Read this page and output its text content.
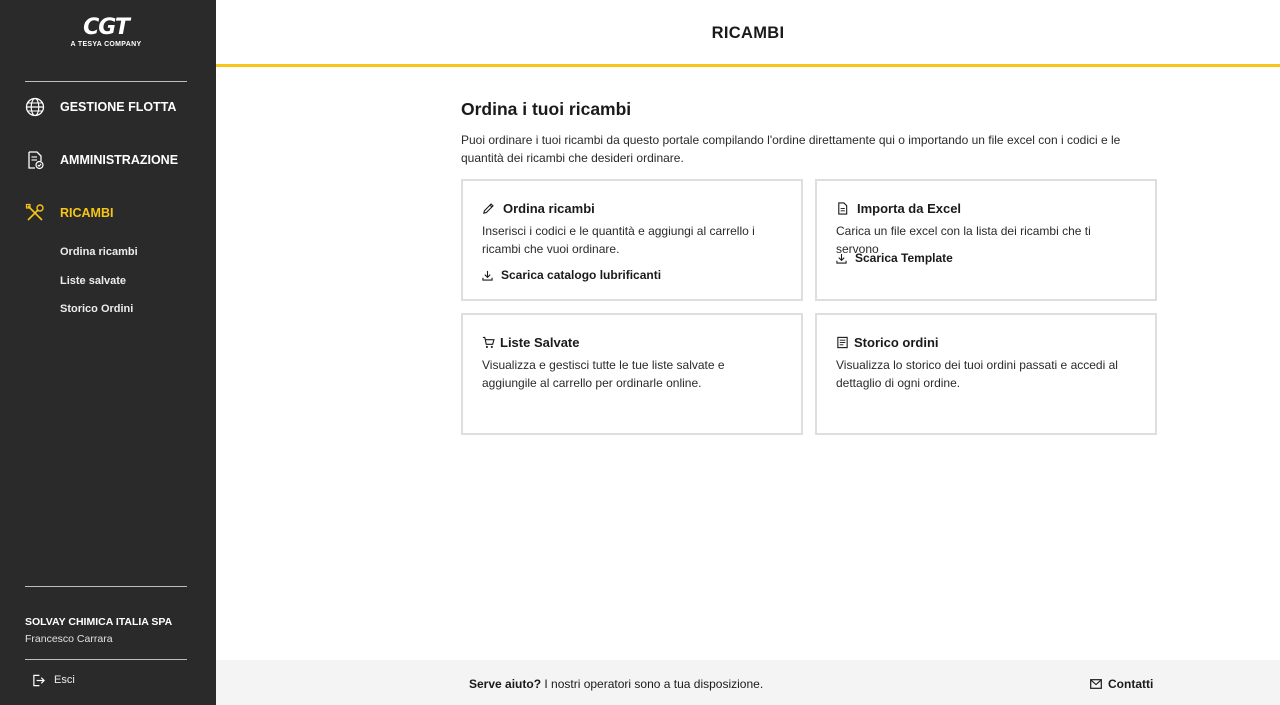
CGT
A TESYA COMPANY
GESTIONE FLOTTA
AMMINISTRAZIONE
RICAMBI
Ordina ricambi
Liste salvate
Storico Ordini
SOLVAY CHIMICA ITALIA SPA
Francesco Carrara
Esci
RICAMBI
Ordina i tuoi ricambi
Puoi ordinare i tuoi ricambi da questo portale compilando l'ordine direttamente qui o importando un file excel con i codici e le quantità dei ricambi che desideri ordinare.
Ordina ricambi
Inserisci i codici e le quantità e aggiungi al carrello i ricambi che vuoi ordinare.
Scarica catalogo lubrificanti
Importa da Excel
Carica un file excel con la lista dei ricambi che ti servono
Scarica Template
Liste Salvate
Visualizza e gestisci tutte le tue liste salvate e aggiungile al carrello per ordinarle online.
Storico ordini
Visualizza lo storico dei tuoi ordini passati e accedi al dettaglio di ogni ordine.
Serve aiuto? I nostri operatori sono a tua disposizione.	Contatti
